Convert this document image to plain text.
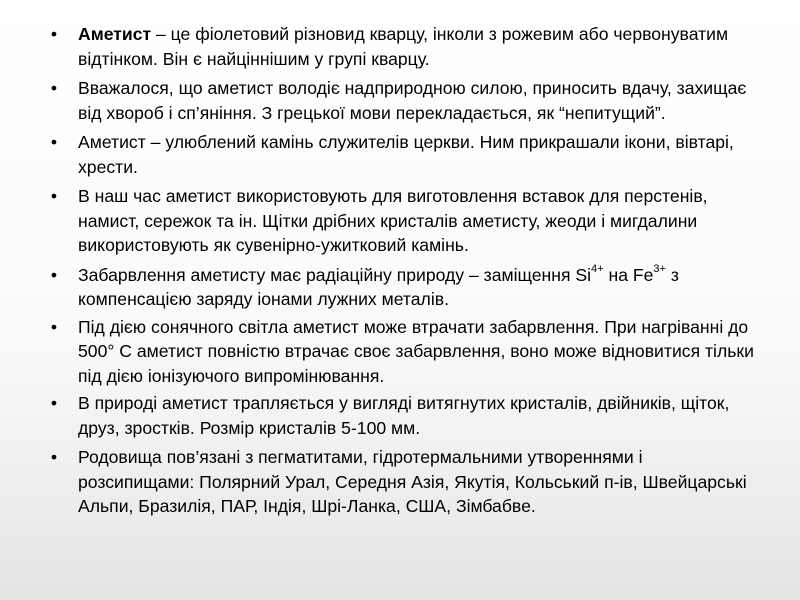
• Аметист – це фіолетовий різновид кварцу, інколи з рожевим або червонуватим відтінком. Він є найціннішим у групі кварцу.
• Вважалося, що аметист володіє надприродною силою, приносить вдачу, захищає від хвороб і сп’яніння. З грецької мови перекладається, як “непитущий”.
• Аметист – улюблений камінь служителів церкви. Ним прикрашали ікони, вівтарі, хрести.
• В наш час аметист використовують для виготовлення вставок для перстенів, намист, сережок та ін. Щітки дрібних кристалів аметисту, жеоди і мигдалини використовують як сувенірно-ужитковий камінь.
• Забарвлення аметисту має радіаційну природу – заміщення $Si^{4+}$ на $Fe^{3+}$ з компенсацією заряду іонами лужних металів.
• Під дією сонячного світла аметист може втрачати забарвлення. При нагріванні до 500° С аметист повністю втрачає своє забарвлення, воно може відновитися тільки під дією іонізуючого випромінювання.
• В природі аметист трапляється у вигляді витягнутих кристалів, двійників, щіток, друз, зростків. Розмір кристалів 5-100 мм.
• Родовища пов’язані з пегматитами, гідротермальними утвореннями і розсипищами: Полярний Урал, Середня Азія, Якутія, Кольський п-ів, Швейцарські Альпи, Бразилія, ПАР, Індія, Шрі-Ланка, США, Зімбабве.
